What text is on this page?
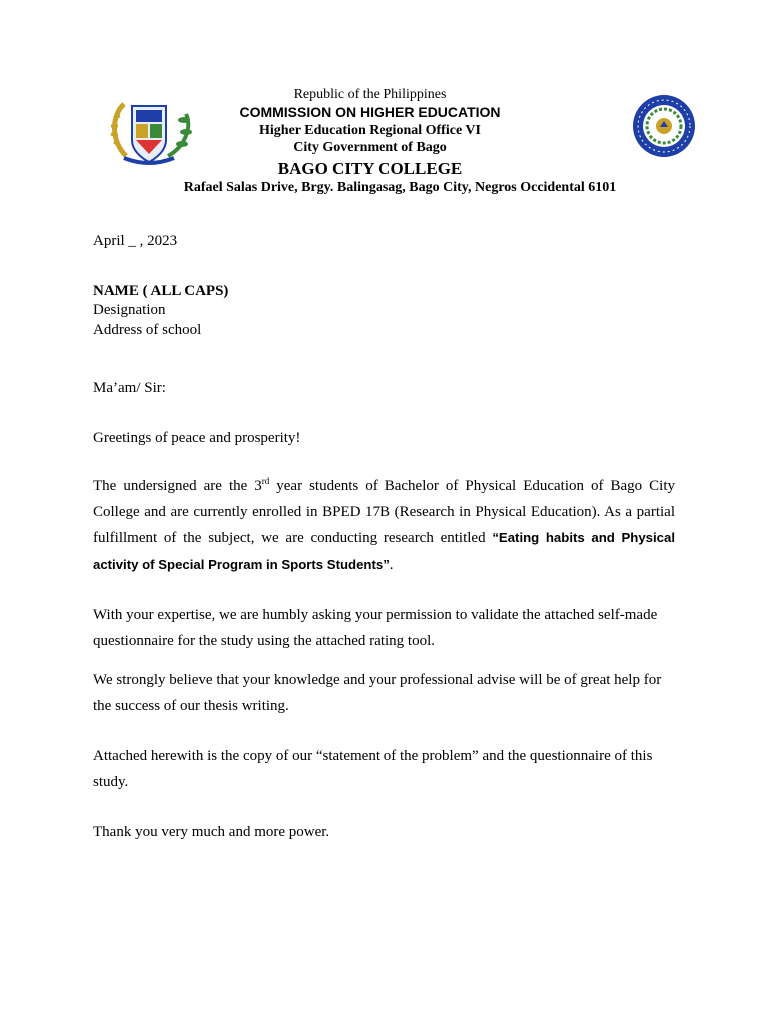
Republic of the Philippines
COMMISSION ON HIGHER EDUCATION
Higher Education Regional Office VI
City Government of Bago
BAGO CITY COLLEGE
Rafael Salas Drive, Brgy. Balingasag, Bago City, Negros Occidental 6101
April _ , 2023
NAME ( ALL CAPS)
Designation
Address of school
Ma’am/ Sir:
Greetings of peace and prosperity!
The undersigned are the 3rd year students of Bachelor of Physical Education of Bago City College and are currently enrolled in BPED 17B (Research in Physical Education). As a partial fulfillment of the subject, we are conducting research entitled “Eating habits and Physical activity of Special Program in Sports Students”.
With your expertise, we are humbly asking your permission to validate the attached self-made questionnaire for the study using the attached rating tool.
We strongly believe that your knowledge and your professional advise will be of great help for the success of our thesis writing.
Attached herewith is the copy of our “statement of the problem” and the questionnaire of this study.
Thank you very much and more power.
